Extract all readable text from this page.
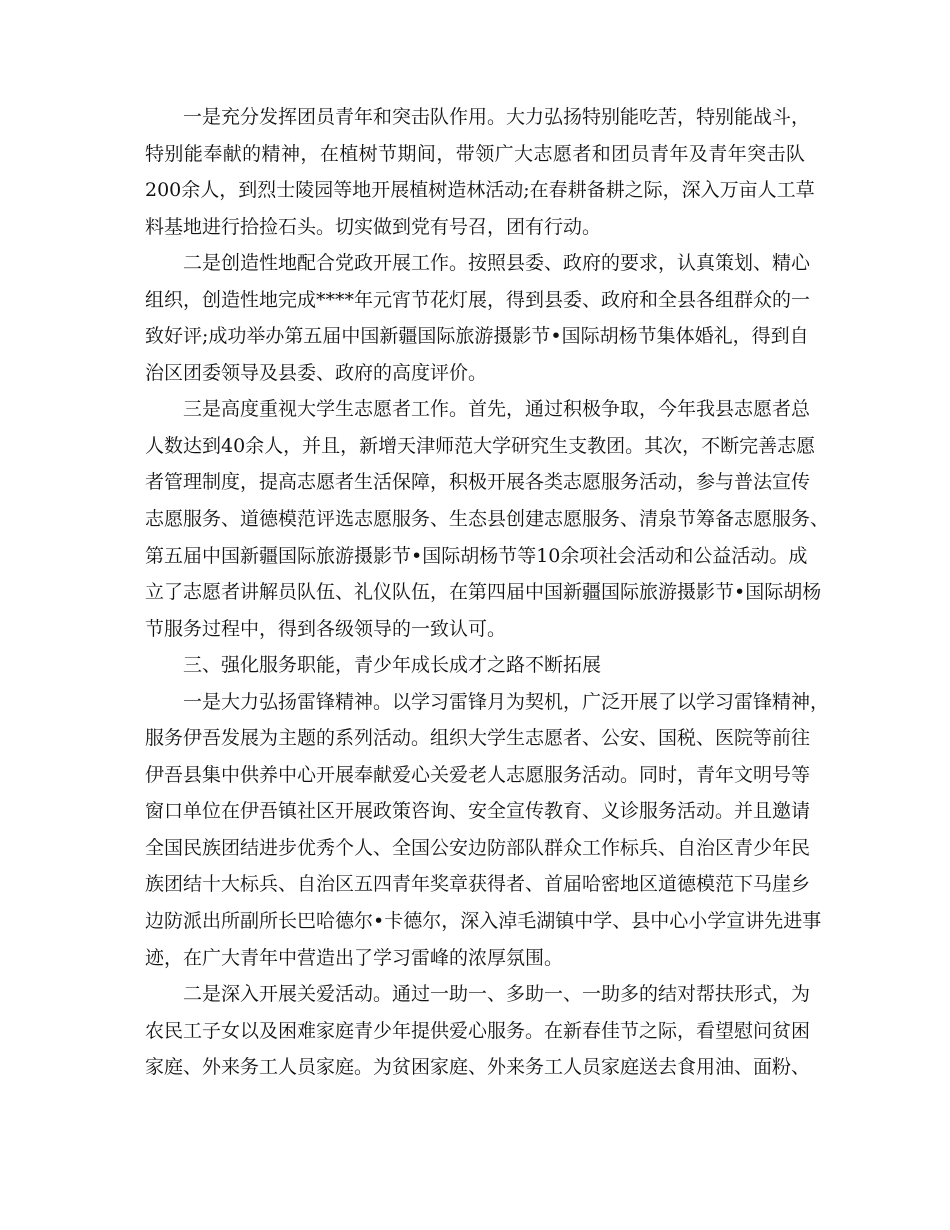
一是充分发挥团员青年和突击队作用。大力弘扬特别能吃苦，特别能战斗，
特别能奉献的精神，在植树节期间，带领广大志愿者和团员青年及青年突击队
200余人，到烈士陵园等地开展植树造林活动;在春耕备耕之际，深入万亩人工草
料基地进行拾捡石头。切实做到党有号召，团有行动。
二是创造性地配合党政开展工作。按照县委、政府的要求，认真策划、精心
组织，创造性地完成****年元宵节花灯展，得到县委、政府和全县各组群众的一
致好评;成功举办第五届中国新疆国际旅游摄影节•国际胡杨节集体婚礼，得到自
治区团委领导及县委、政府的高度评价。
三是高度重视大学生志愿者工作。首先，通过积极争取，今年我县志愿者总
人数达到40余人，并且，新增天津师范大学研究生支教团。其次，不断完善志愿
者管理制度，提高志愿者生活保障，积极开展各类志愿服务活动，参与普法宣传
志愿服务、道德模范评选志愿服务、生态县创建志愿服务、清泉节筹备志愿服务、
第五届中国新疆国际旅游摄影节•国际胡杨节等10余项社会活动和公益活动。成
立了志愿者讲解员队伍、礼仪队伍，在第四届中国新疆国际旅游摄影节•国际胡杨
节服务过程中，得到各级领导的一致认可。
三、强化服务职能，青少年成长成才之路不断拓展
一是大力弘扬雷锋精神。以学习雷锋月为契机，广泛开展了以学习雷锋精神，
服务伊吾发展为主题的系列活动。组织大学生志愿者、公安、国税、医院等前往
伊吾县集中供养中心开展奉献爱心关爱老人志愿服务活动。同时，青年文明号等
窗口单位在伊吾镇社区开展政策咨询、安全宣传教育、义诊服务活动。并且邀请
全国民族团结进步优秀个人、全国公安边防部队群众工作标兵、自治区青少年民
族团结十大标兵、自治区五四青年奖章获得者、首届哈密地区道德模范下马崖乡
边防派出所副所长巴哈德尔•卡德尔，深入淖毛湖镇中学、县中心小学宣讲先进事
迹，在广大青年中营造出了学习雷峰的浓厚氛围。
二是深入开展关爱活动。通过一助一、多助一、一助多的结对帮扶形式，为
农民工子女以及困难家庭青少年提供爱心服务。在新春佳节之际，看望慰问贫困
家庭、外来务工人员家庭。为贫困家庭、外来务工人员家庭送去食用油、面粉、
